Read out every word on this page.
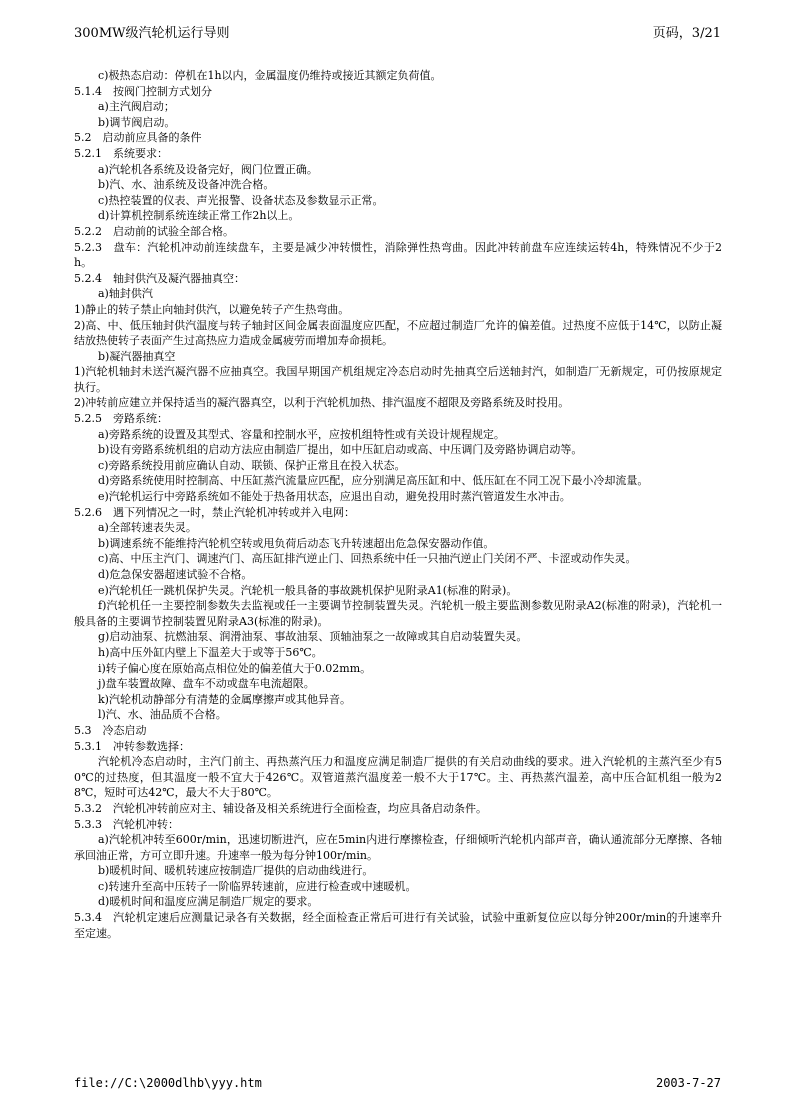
300MW级汽轮机运行导则	页码，3/21

c)极热态启动：停机在1h以内，金属温度仍维持或接近其额定负荷值。

5.1.4　按阀门控制方式划分

a)主汽阀启动；

b)调节阀启动。

5.2　启动前应具备的条件

5.2.1　系统要求：

a)汽轮机各系统及设备完好，阀门位置正确。

b)汽、水、油系统及设备冲洗合格。

c)热控装置的仪表、声光报警、设备状态及参数显示正常。

d)计算机控制系统连续正常工作2h以上。

5.2.2　启动前的试验全部合格。

5.2.3　盘车：汽轮机冲动前连续盘车，主要是减少冲转惯性，消除弹性热弯曲。因此冲转前盘车应连续运转4h，特殊情况不少于2h。

5.2.4　轴封供汽及凝汽器抽真空：

a)轴封供汽

1)静止的转子禁止向轴封供汽，以避免转子产生热弯曲。

2)高、中、低压轴封供汽温度与转子轴封区间金属表面温度应匹配，不应超过制造厂允许的偏差值。过热度不应低于14℃，以防止凝结放热使转子表面产生过高热应力造成金属疲劳而增加寿命损耗。

b)凝汽器抽真空

1)汽轮机轴封未送汽凝汽器不应抽真空。我国早期国产机组规定冷态启动时先抽真空后送轴封汽，如制造厂无新规定，可仍按原规定执行。

2)冲转前应建立并保持适当的凝汽器真空，以利于汽轮机加热、排汽温度不超限及旁路系统及时投用。

5.2.5　旁路系统：

a)旁路系统的设置及其型式、容量和控制水平，应按机组特性或有关设计规程规定。

b)设有旁路系统机组的启动方法应由制造厂提出，如中压缸启动或高、中压调门及旁路协调启动等。

c)旁路系统投用前应确认自动、联锁、保护正常且在投入状态。

d)旁路系统使用时控制高、中压缸蒸汽流量应匹配，应分别满足高压缸和中、低压缸在不同工况下最小冷却流量。

e)汽轮机运行中旁路系统如不能处于热备用状态，应退出自动，避免投用时蒸汽管道发生水冲击。

5.2.6　遇下列情况之一时，禁止汽轮机冲转或并入电网：

a)全部转速表失灵。

b)调速系统不能维持汽轮机空转或甩负荷后动态飞升转速超出危急保安器动作值。

c)高、中压主汽门、调速汽门、高压缸排汽逆止门、回热系统中任一只抽汽逆止门关闭不严、卡涩或动作失灵。

d)危急保安器超速试验不合格。

e)汽轮机任一跳机保护失灵。汽轮机一般具备的事故跳机保护见附录A1(标准的附录)。

f)汽轮机任一主要控制参数失去监视或任一主要调节控制装置失灵。汽轮机一般主要监测参数见附录A2(标准的附录)，汽轮机一般具备的主要调节控制装置见附录A3(标准的附录)。

g)启动油泵、抗燃油泵、润滑油泵、事故油泵、顶轴油泵之一故障或其自启动装置失灵。

h)高中压外缸内壁上下温差大于或等于56℃。

i)转子偏心度在原始高点相位处的偏差值大于0.02mm。

j)盘车装置故障、盘车不动或盘车电流超限。

k)汽轮机动静部分有清楚的金属摩擦声或其他异音。

l)汽、水、油品质不合格。

5.3　冷态启动

5.3.1　冲转参数选择：

汽轮机冷态启动时，主汽门前主、再热蒸汽压力和温度应满足制造厂提供的有关启动曲线的要求。进入汽轮机的主蒸汽至少有50℃的过热度，但其温度一般不宜大于426℃。双管道蒸汽温度差一般不大于17℃。主、再热蒸汽温差，高中压合缸机组一般为28℃，短时可达42℃，最大不大于80℃。

5.3.2　汽轮机冲转前应对主、辅设备及相关系统进行全面检查，均应具备启动条件。

5.3.3　汽轮机冲转：

a)汽轮机冲转至600r/min，迅速切断进汽，应在5min内进行摩擦检查，仔细倾听汽轮机内部声音，确认通流部分无摩擦、各轴承回油正常，方可立即升速。升速率一般为每分钟100r/min。

b)暖机时间、暖机转速应按制造厂提供的启动曲线进行。

c)转速升至高中压转子一阶临界转速前，应进行检查或中速暖机。

d)暖机时间和温度应满足制造厂规定的要求。

5.3.4　汽轮机定速后应测量记录各有关数据，经全面检查正常后可进行有关试验，试验中重新复位应以每分钟200r/min的升速率升至定速。

file://C:\2000dlhb\yyy.htm	2003-7-27
